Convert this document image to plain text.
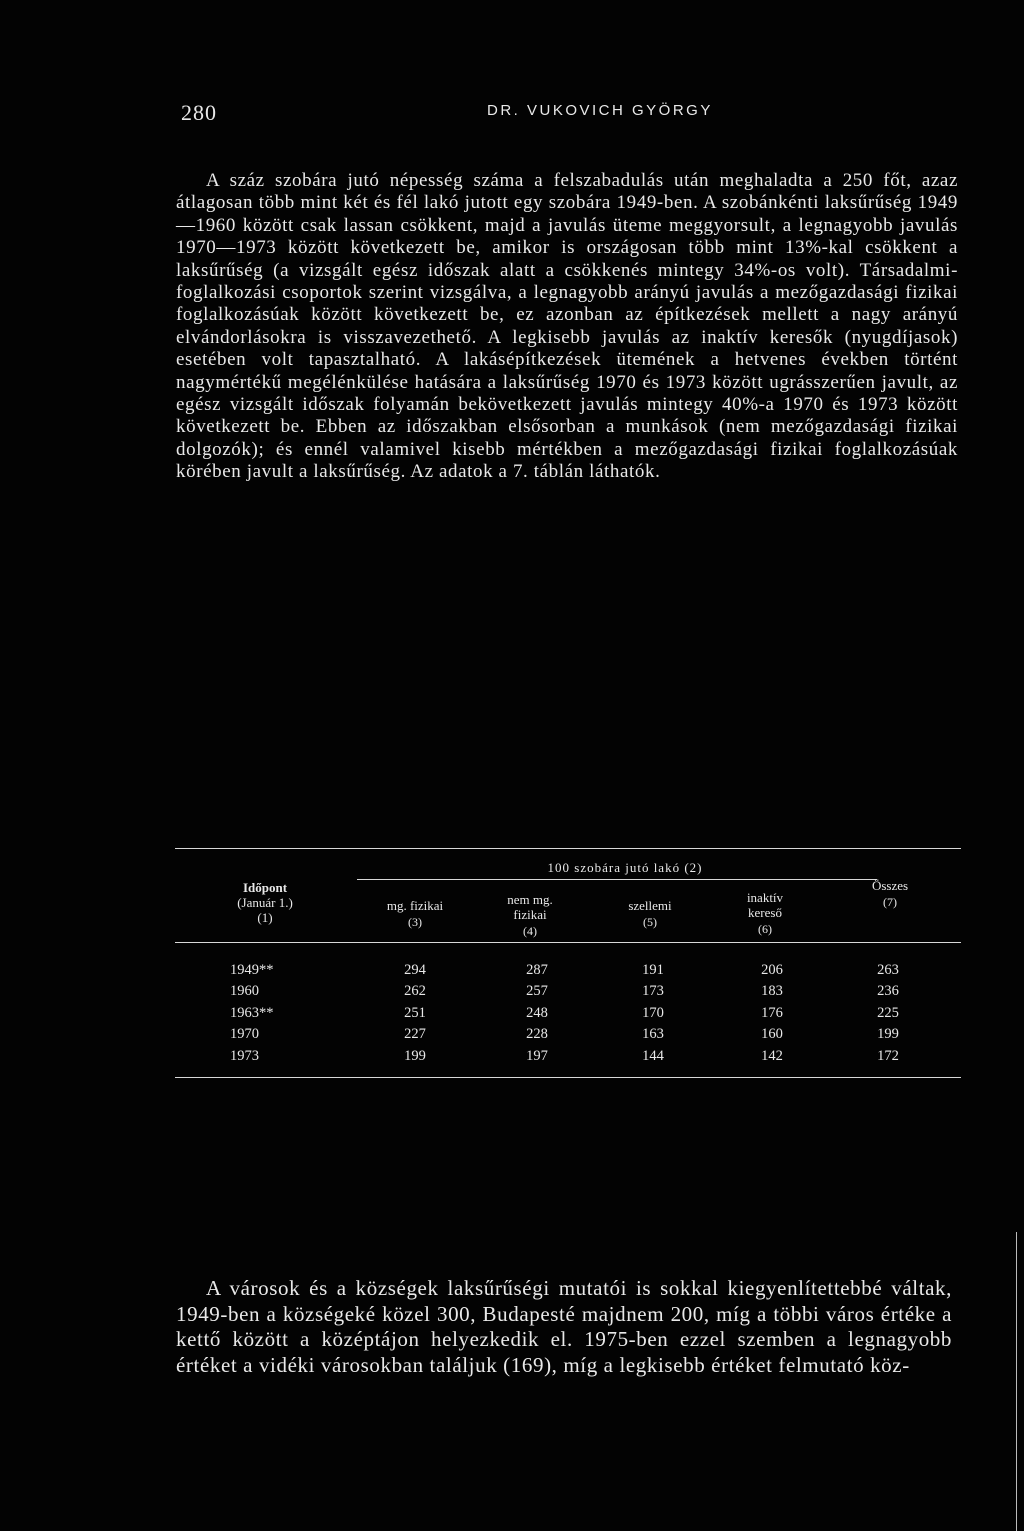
280	DR. VUKOVICH GYÖRGY

A száz szobára jutó népesség száma a felszabadulás után meghaladta a 250 főt, azaz átlagosan több mint két és fél lakó jutott egy szobára 1949-ben. A szobánkénti laksűrűség 1949—1960 között csak lassan csökkent, majd a javulás üteme meggyorsult, a legnagyobb javulás 1970—1973 között következett be, amikor is országosan több mint 13%-kal csökkent a laksűrűség (a vizsgált egész időszak alatt a csökkenés mintegy 34%-os volt). Társadalmi-foglalkozási csoportok szerint vizsgálva, a legnagyobb arányú javulás a mezőgazdasági fizikai foglalkozásúak között következett be, ez azonban az építkezések mellett a nagy arányú elvándorlásokra is visszavezethető. A legkisebb javulás az inaktív keresők (nyugdíjasok) esetében volt tapasztalható. A lakásépítkezések ütemének a hetvenes években történt nagymértékű megélénkülése hatására a laksűrűség 1970 és 1973 között ugrásszerűen javult, az egész vizsgált időszak folyamán bekövetkezett javulás mintegy 40%-a 1970 és 1973 között következett be. Ebben az időszakban elsősorban a munkások (nem mezőgazdasági fizikai dolgozók); és ennél valamivel kisebb mértékben a mezőgazdasági fizikai foglalkozásúak körében javult a laksűrűség. Az adatok a 7. táblán láthatók.

100 szobára jutó lakó (2)
Időpont
(Január 1.)
(1)
mg. fizikai
(3)
nem mg.
fizikai
(4)
szellemi
(5)
inaktív
kereső
(6)
Összes
(7)
1949**	294	287	191	206	263
1960	262	257	173	183	236
1963**	251	248	170	176	225
1970	227	228	163	160	199
1973	199	197	144	142	172

A városok és a községek laksűrűségi mutatói is sokkal kiegyenlítettebbé váltak, 1949-ben a községeké közel 300, Budapesté majdnem 200, míg a többi város értéke a kettő között a középtájon helyezkedik el. 1975-ben ezzel szemben a legnagyobb értéket a vidéki városokban találjuk (169), míg a legkisebb értéket felmutató köz-
